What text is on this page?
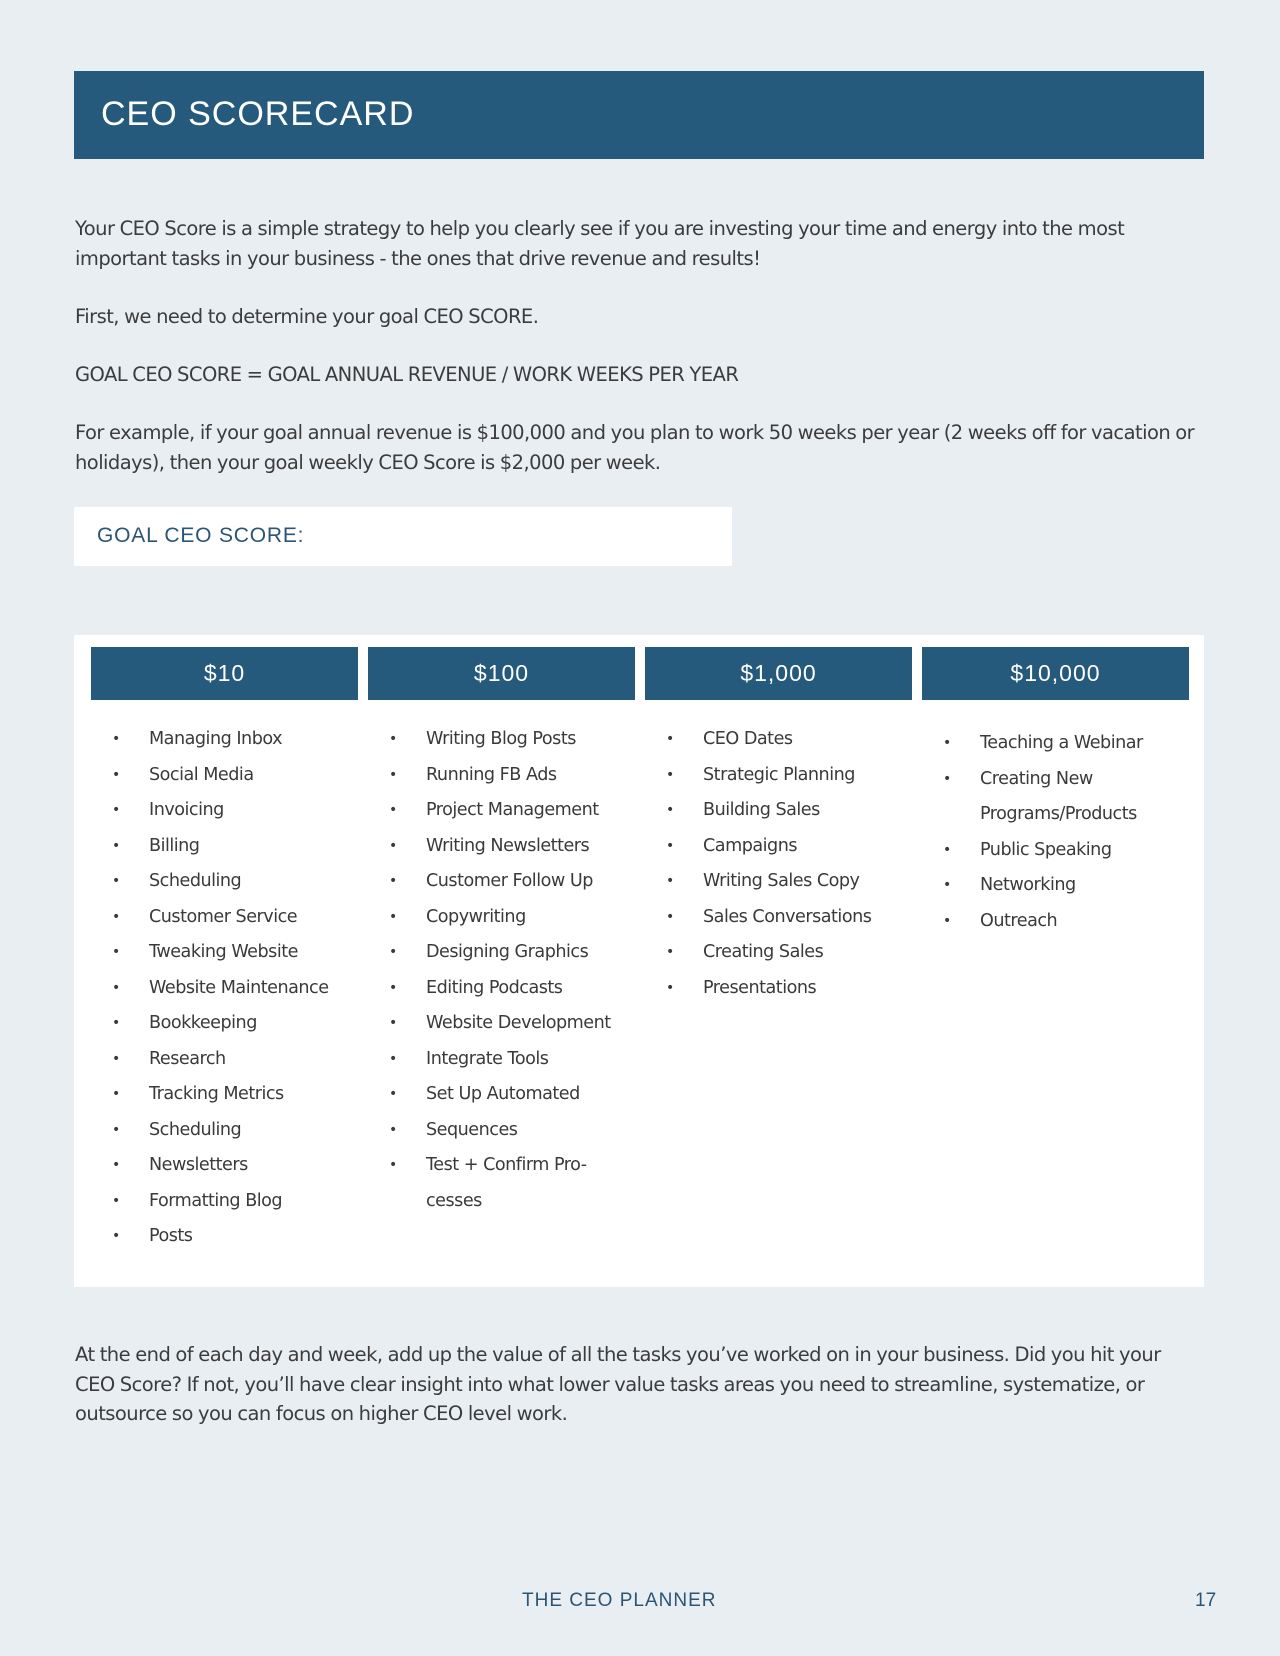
CEO SCORECARD

Your CEO Score is a simple strategy to help you clearly see if you are investing your time and energy into the most important tasks in your business - the ones that drive revenue and results!

First, we need to determine your goal CEO SCORE.

GOAL CEO SCORE = GOAL ANNUAL REVENUE / WORK WEEKS PER YEAR

For example, if your goal annual revenue is $100,000 and you plan to work 50 weeks per year (2 weeks off for vacation or holidays), then your goal weekly CEO Score is $2,000 per week.

GOAL CEO SCORE:
$10
• Managing Inbox
• Social Media
• Invoicing
• Billing
• Scheduling
• Customer Service
• Tweaking Website
• Website Maintenance
• Bookkeeping
• Research
• Tracking Metrics
• Scheduling
• Newsletters
• Formatting Blog
• Posts
$100
• Writing Blog Posts
• Running FB Ads
• Project Management
• Writing Newsletters
• Customer Follow Up
• Copywriting
• Designing Graphics
• Editing Podcasts
• Website Development
• Integrate Tools
• Set Up Automated
• Sequences
• Test + Confirm Pro-
cesses
$1,000
• CEO Dates
• Strategic Planning
• Building Sales
• Campaigns
• Writing Sales Copy
• Sales Conversations
• Creating Sales
• Presentations
$10,000
• Teaching a Webinar
• Creating New
Programs/Products
• Public Speaking
• Networking
• Outreach

At the end of each day and week, add up the value of all the tasks you’ve worked on in your business. Did you hit your CEO Score? If not, you’ll have clear insight into what lower value tasks areas you need to streamline, systematize, or outsource so you can focus on higher CEO level work.

THE CEO PLANNER	17
